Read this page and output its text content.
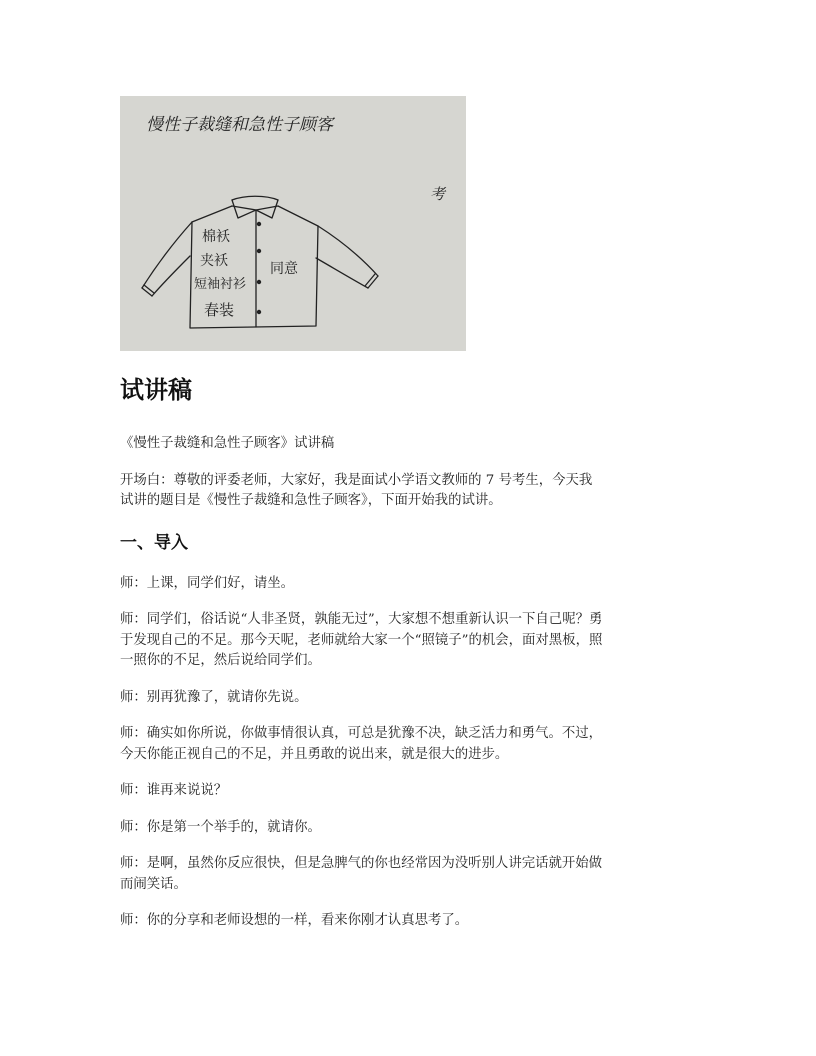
慢性子裁缝和急性子顾客
考
棉袄
夹袄
短袖衬衫
春装
同意
试讲稿

《慢性子裁缝和急性子顾客》试讲稿

开场白：尊敬的评委老师，大家好，我是面试小学语文教师的 7 号考生，今天我
试讲的题目是《慢性子裁缝和急性子顾客》，下面开始我的试讲。

一、导入

师：上课，同学们好，请坐。

师：同学们，俗话说“人非圣贤，孰能无过”，大家想不想重新认识一下自己呢？勇
于发现自己的不足。那今天呢，老师就给大家一个“照镜子”的机会，面对黑板，照
一照你的不足，然后说给同学们。

师：别再犹豫了，就请你先说。

师：确实如你所说，你做事情很认真，可总是犹豫不决，缺乏活力和勇气。不过，
今天你能正视自己的不足，并且勇敢的说出来，就是很大的进步。

师：谁再来说说？

师：你是第一个举手的，就请你。

师：是啊，虽然你反应很快，但是急脾气的你也经常因为没听别人讲完话就开始做
而闹笑话。

师：你的分享和老师设想的一样，看来你刚才认真思考了。
